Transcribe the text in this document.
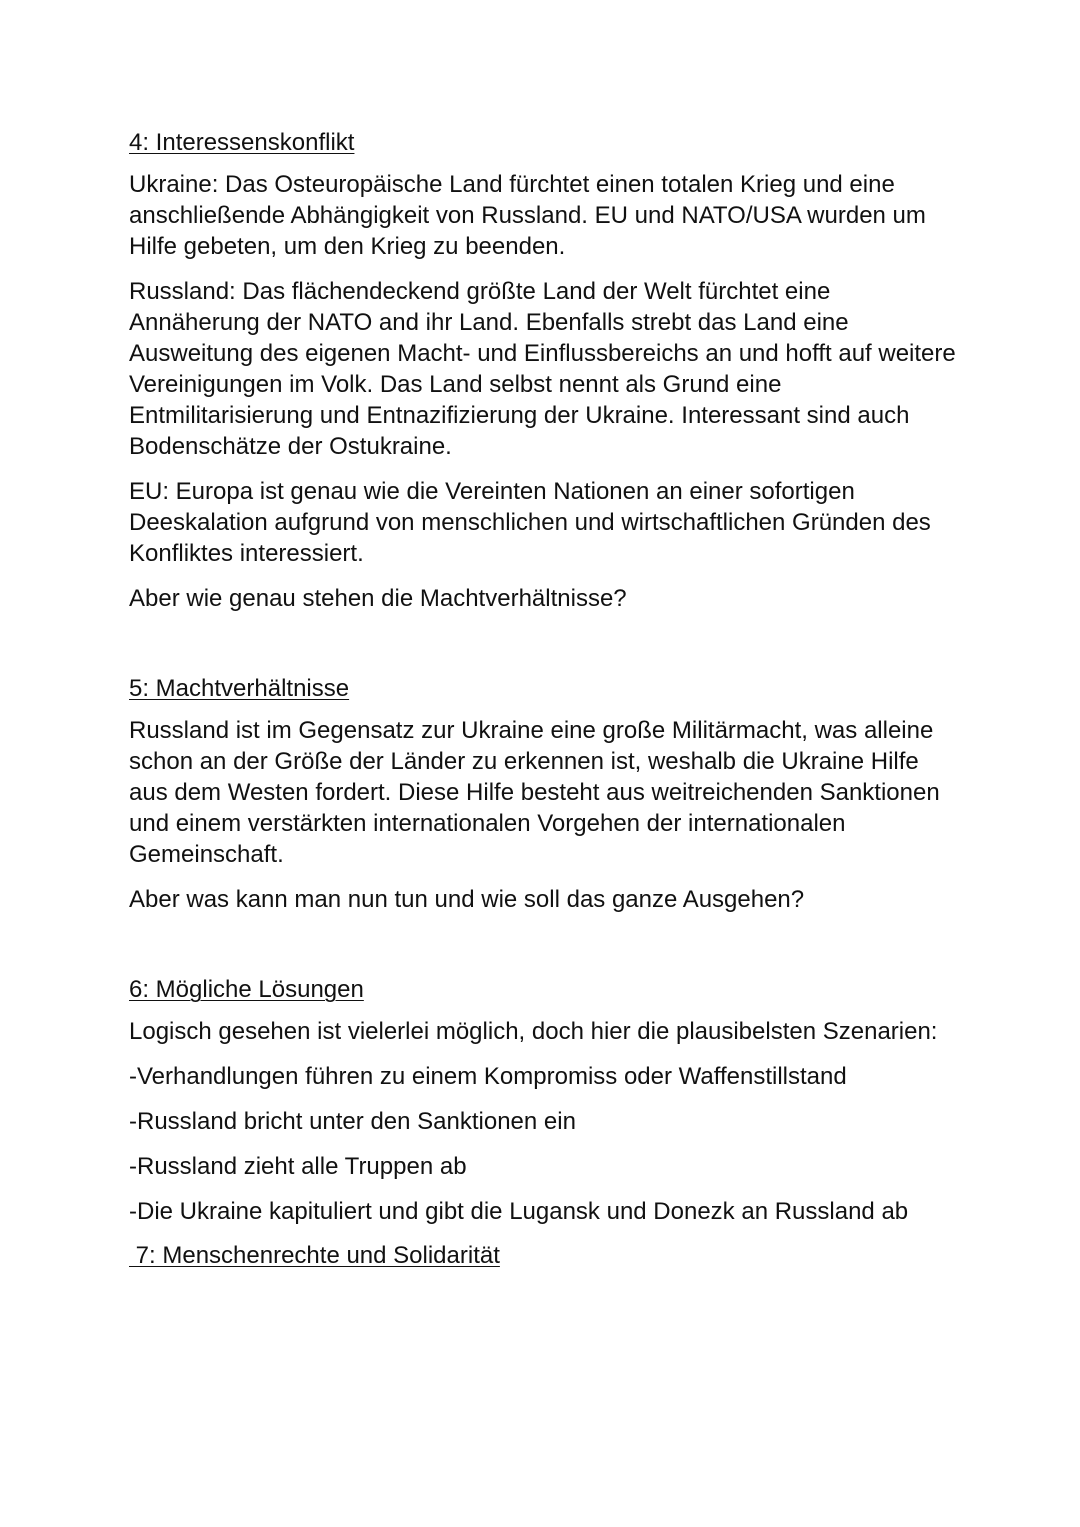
4: Interessenskonflikt

Ukraine: Das Osteuropäische Land fürchtet einen totalen Krieg und eine anschließende Abhängigkeit von Russland. EU und NATO/USA wurden um Hilfe gebeten, um den Krieg zu beenden.

Russland: Das flächendeckend größte Land der Welt fürchtet eine Annäherung der NATO and ihr Land. Ebenfalls strebt das Land eine Ausweitung des eigenen Macht- und Einflussbereichs an und hofft auf weitere Vereinigungen im Volk. Das Land selbst nennt als Grund eine Entmilitarisierung und Entnazifizierung der Ukraine. Interessant sind auch Bodenschätze der Ostukraine.

EU: Europa ist genau wie die Vereinten Nationen an einer sofortigen Deeskalation aufgrund von menschlichen und wirtschaftlichen Gründen des Konfliktes interessiert.

Aber wie genau stehen die Machtverhältnisse?

5: Machtverhältnisse

Russland ist im Gegensatz zur Ukraine eine große Militärmacht, was alleine schon an der Größe der Länder zu erkennen ist, weshalb die Ukraine Hilfe aus dem Westen fordert. Diese Hilfe besteht aus weitreichenden Sanktionen und einem verstärkten internationalen Vorgehen der internationalen Gemeinschaft.

Aber was kann man nun tun und wie soll das ganze Ausgehen?

6: Mögliche Lösungen

Logisch gesehen ist vielerlei möglich, doch hier die plausibelsten Szenarien:

-Verhandlungen führen zu einem Kompromiss oder Waffenstillstand

-Russland bricht unter den Sanktionen ein

-Russland zieht alle Truppen ab

-Die Ukraine kapituliert und gibt die Lugansk und Donezk an Russland ab

7: Menschenrechte und Solidarität
